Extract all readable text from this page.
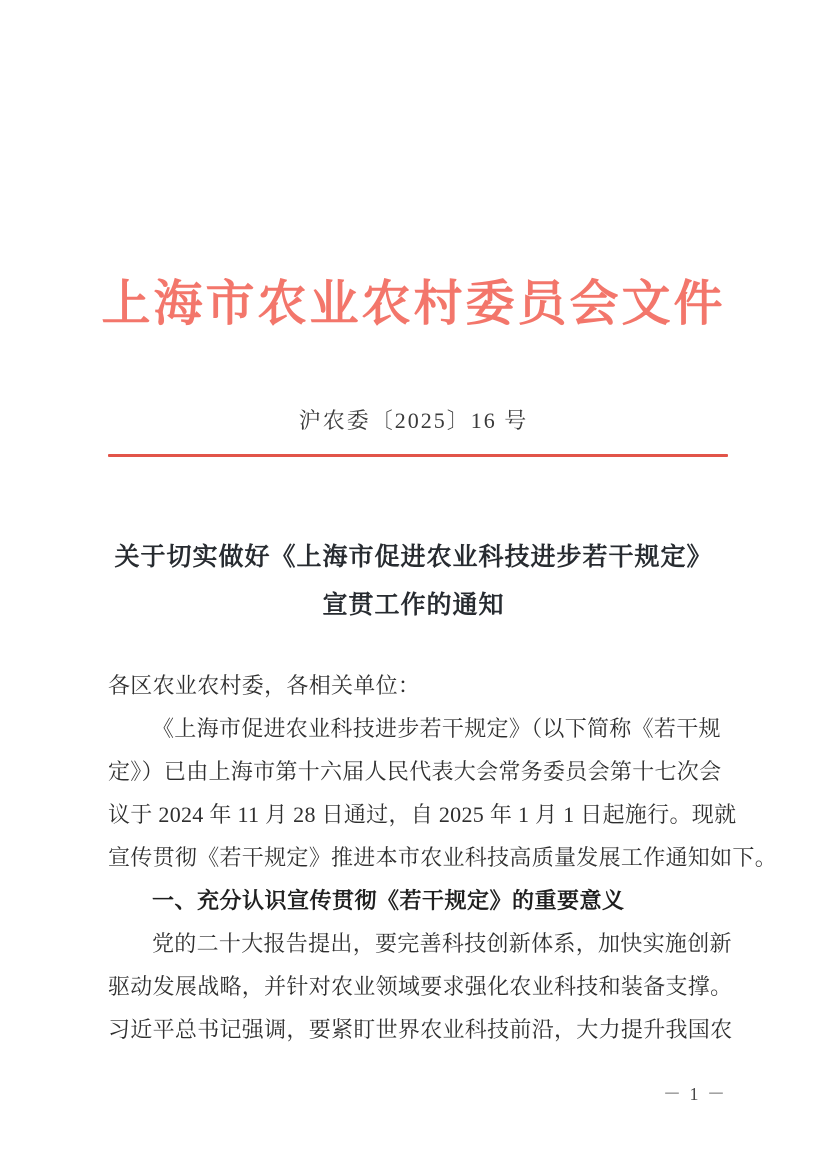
上海市农业农村委员会文件
沪农委〔2025〕16 号
关于切实做好《上海市促进农业科技进步若干规定》
宣贯工作的通知
各区农业农村委，各相关单位：
《上海市促进农业科技进步若干规定》（以下简称《若干规
定》）已由上海市第十六届人民代表大会常务委员会第十七次会
议于 2024 年 11 月 28 日通过，自 2025 年 1 月 1 日起施行。现就
宣传贯彻《若干规定》推进本市农业科技高质量发展工作通知如下。
一、充分认识宣传贯彻《若干规定》的重要意义
党的二十大报告提出，要完善科技创新体系，加快实施创新
驱动发展战略，并针对农业领域要求强化农业科技和装备支撑。
习近平总书记强调，要紧盯世界农业科技前沿，大力提升我国农
－ 1 －
